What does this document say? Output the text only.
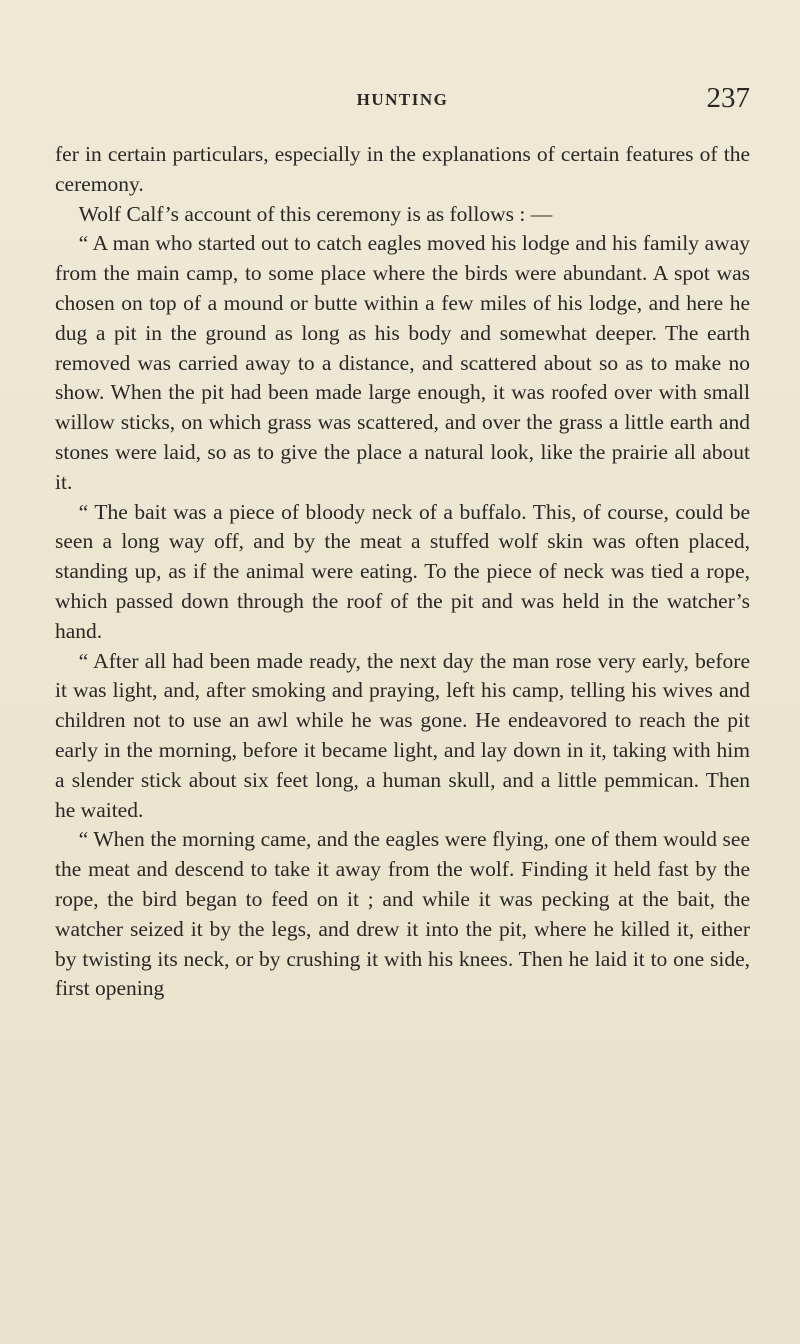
HUNTING	237

fer in certain particulars, especially in the explanations of certain features of the ceremony.

Wolf Calf’s account of this ceremony is as follows : —

“ A man who started out to catch eagles moved his lodge and his family away from the main camp, to some place where the birds were abundant. A spot was chosen on top of a mound or butte within a few miles of his lodge, and here he dug a pit in the ground as long as his body and somewhat deeper. The earth removed was carried away to a distance, and scattered about so as to make no show. When the pit had been made large enough, it was roofed over with small willow sticks, on which grass was scattered, and over the grass a little earth and stones were laid, so as to give the place a natural look, like the prairie all about it.

“ The bait was a piece of bloody neck of a buffalo. This, of course, could be seen a long way off, and by the meat a stuffed wolf skin was often placed, standing up, as if the animal were eating. To the piece of neck was tied a rope, which passed down through the roof of the pit and was held in the watcher’s hand.

“ After all had been made ready, the next day the man rose very early, before it was light, and, after smoking and praying, left his camp, telling his wives and children not to use an awl while he was gone. He endeavored to reach the pit early in the morning, before it became light, and lay down in it, taking with him a slender stick about six feet long, a human skull, and a little pemmican. Then he waited.

“ When the morning came, and the eagles were flying, one of them would see the meat and descend to take it away from the wolf. Finding it held fast by the rope, the bird began to feed on it ; and while it was pecking at the bait, the watcher seized it by the legs, and drew it into the pit, where he killed it, either by twisting its neck, or by crushing it with his knees. Then he laid it to one side, first opening
